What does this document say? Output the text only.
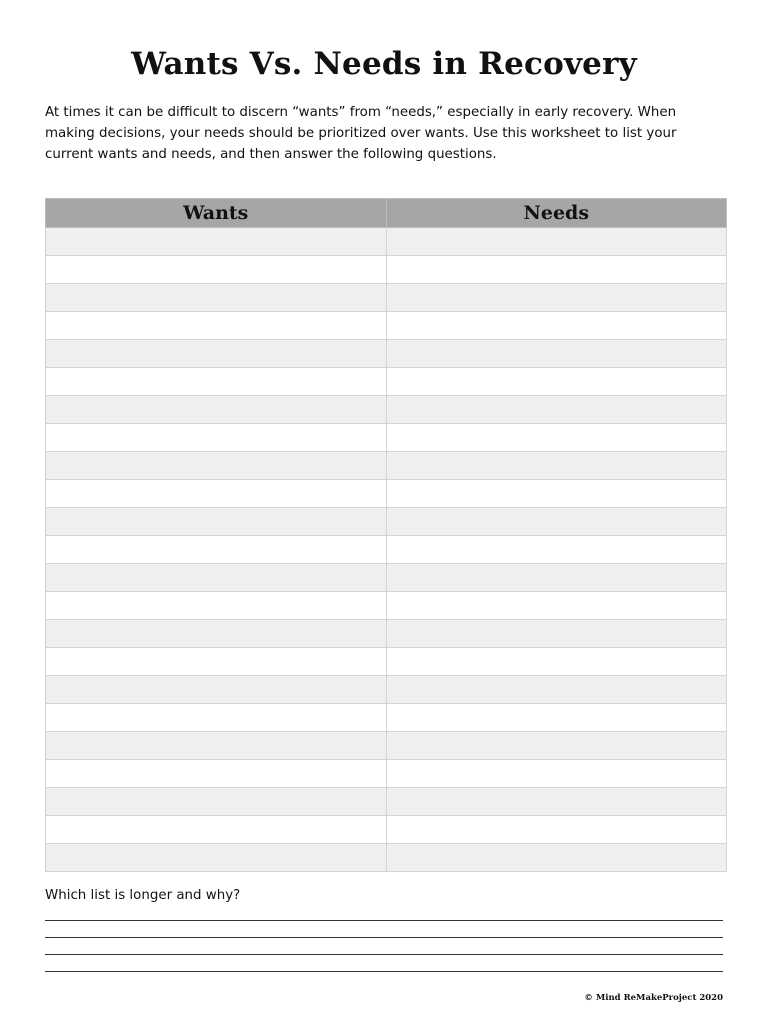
Wants Vs. Needs in Recovery

At times it can be difficult to discern “wants” from “needs,” especially in early recovery. When

making decisions, your needs should be prioritized over wants. Use this worksheet to list your

current wants and needs, and then answer the following questions.

Wants	Needs

Which list is longer and why?
© Mind ReMakeProject 2020
